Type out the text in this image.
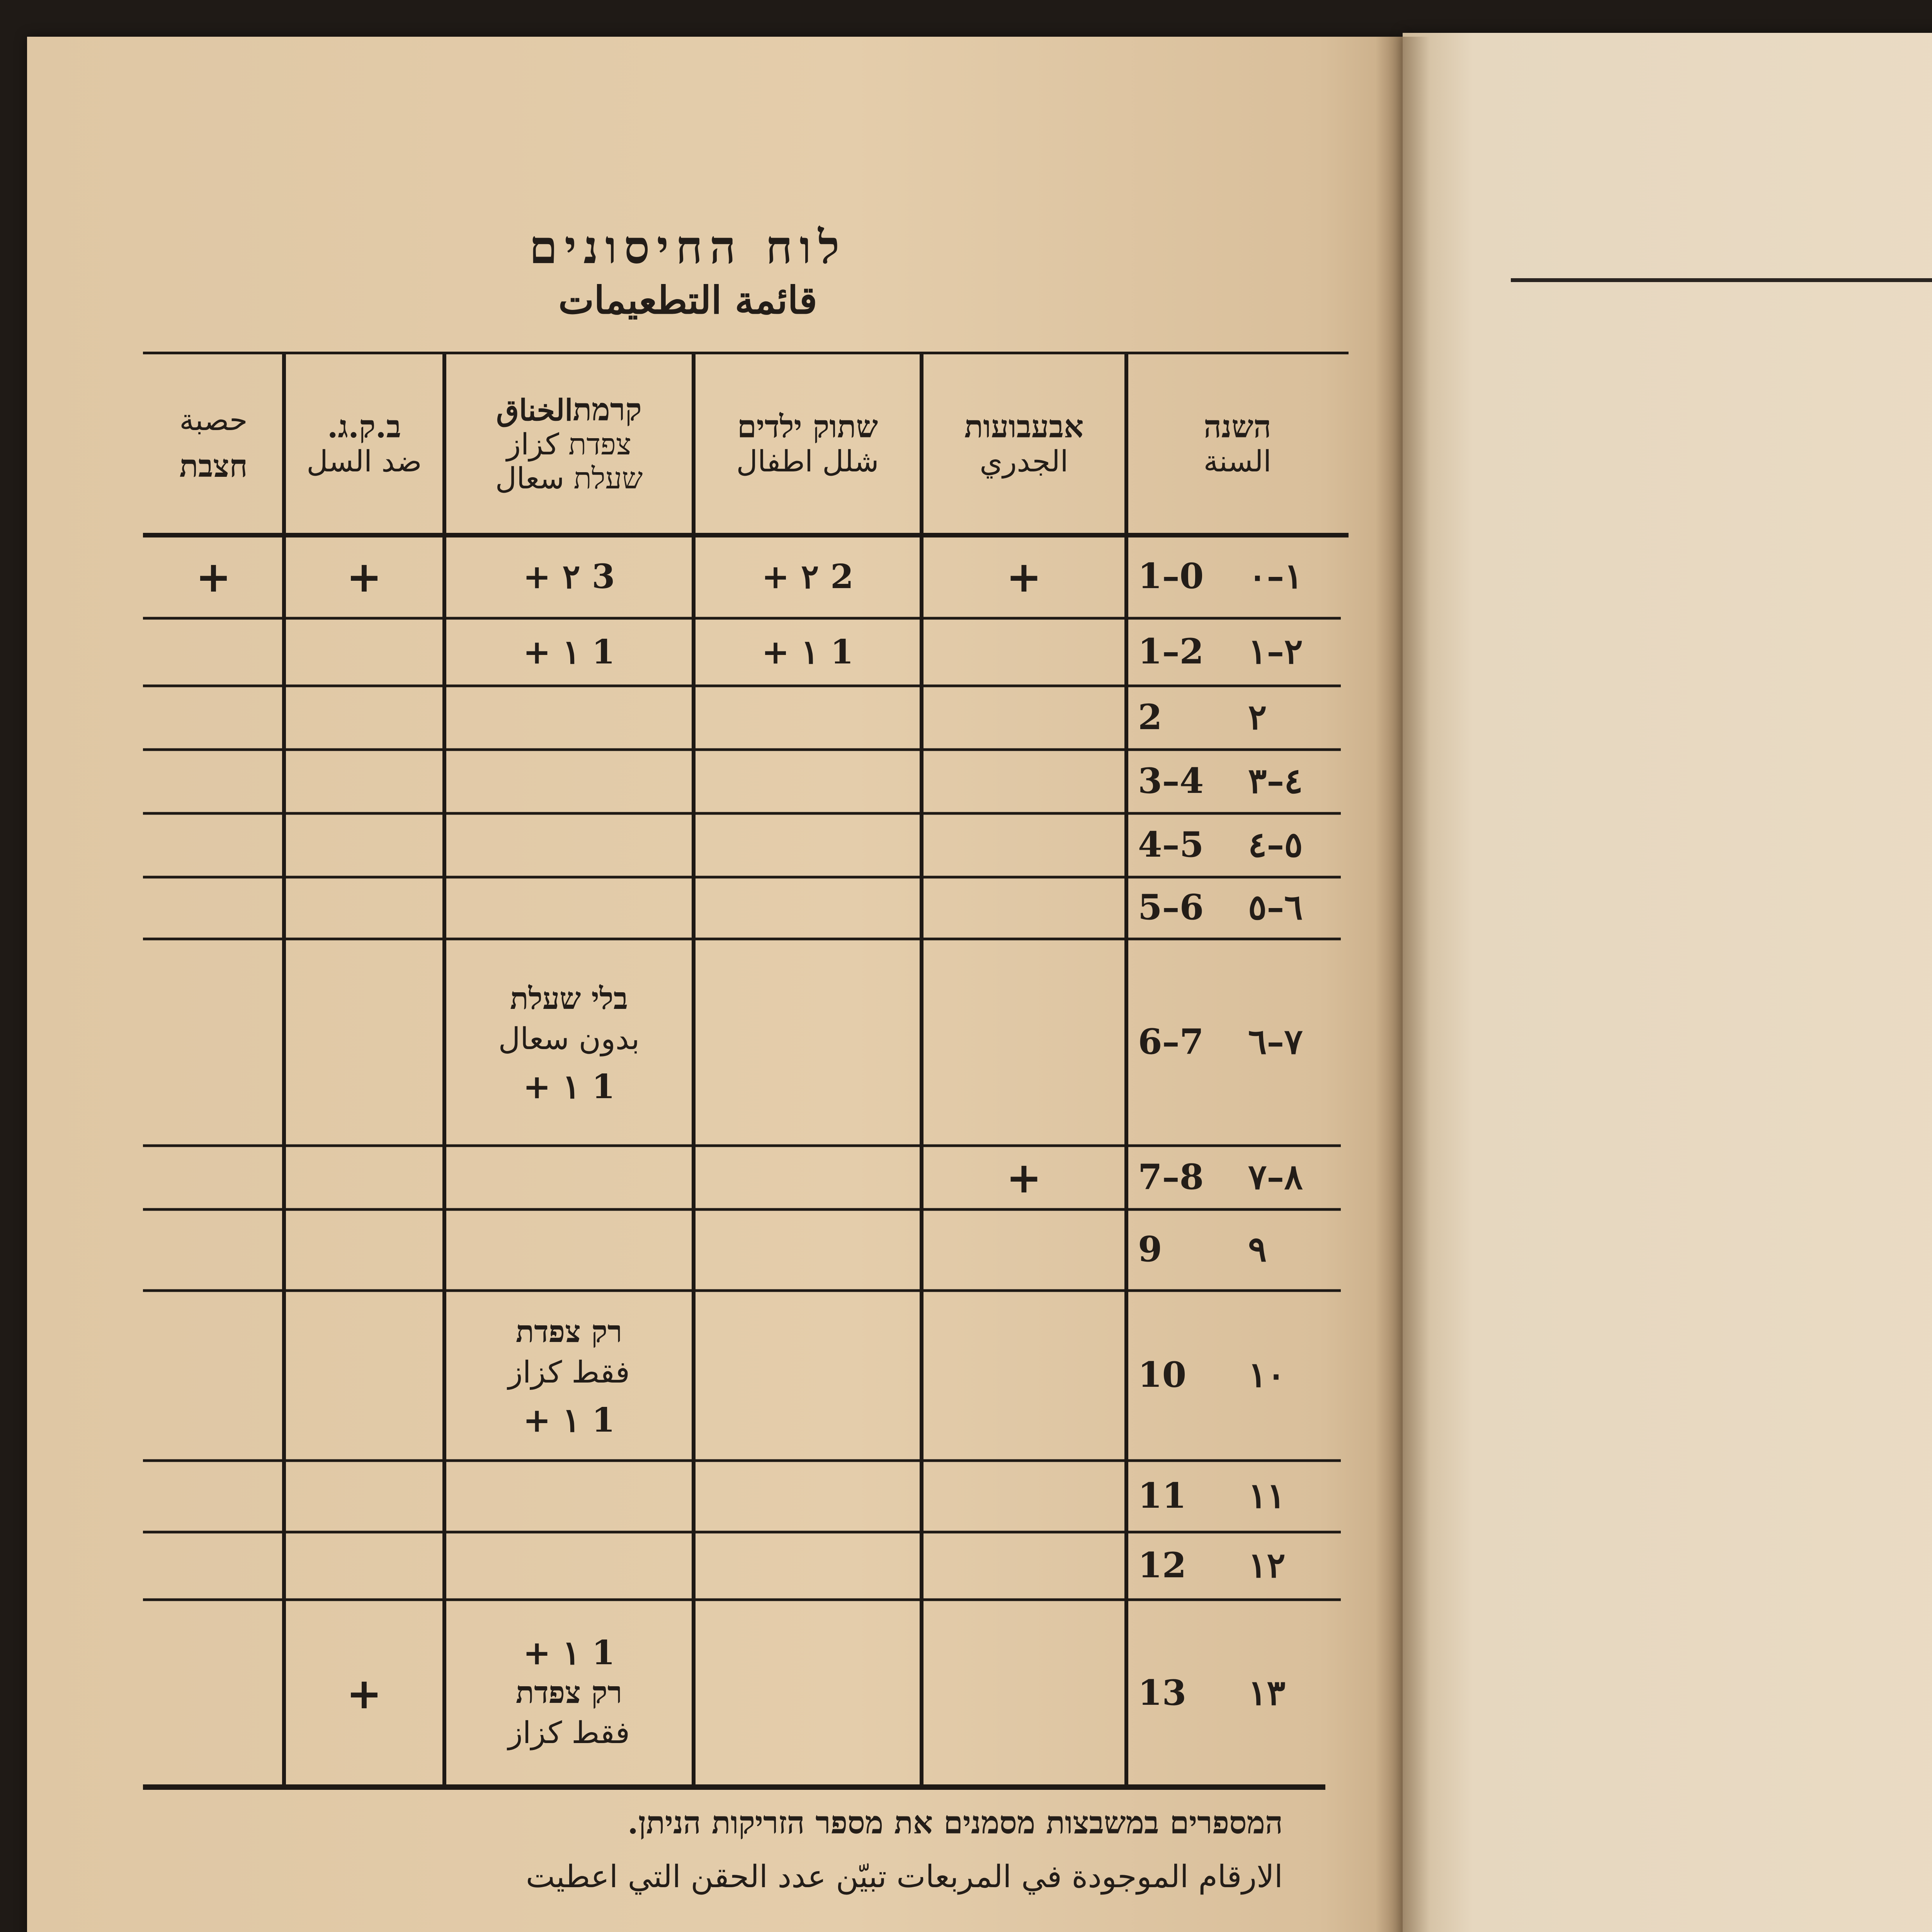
לוח החיסונים
قائمة التطعيمات
השנה
السنة
אבעבועות
الجدري
שתוק ילדים
شلل اطفال
קרמתالخناق
צפדת كزاز
שעלת سعال
ב.ק.ג.
ضد السل
حصبة
חצבת
١–٠
1–0
٢–١
1–2
٢
2
٤–٣
3–4
٥–٤
4–5
٦–٥
5–6
٧–٦
6–7
٨–٧
7–8
٩
9
١٠
10
١١
11
١٢
12
١٣
13
+
+ ٢ 2
+ ٢ 3
+
+
+ ١ 1
+ ١ 1
בלי שעלת
بدون سعال
+ ١ 1
+
רק צפדת
فقط كزاز
+ ١ 1
+ ١ 1
רק צפדת
فقط كزاز
+
המספרים במשבצות מסמנים את מספר הזריקות הניתן.
الارقام الموجودة في المربعات تبيّن عدد الحقن التي اعطيت
